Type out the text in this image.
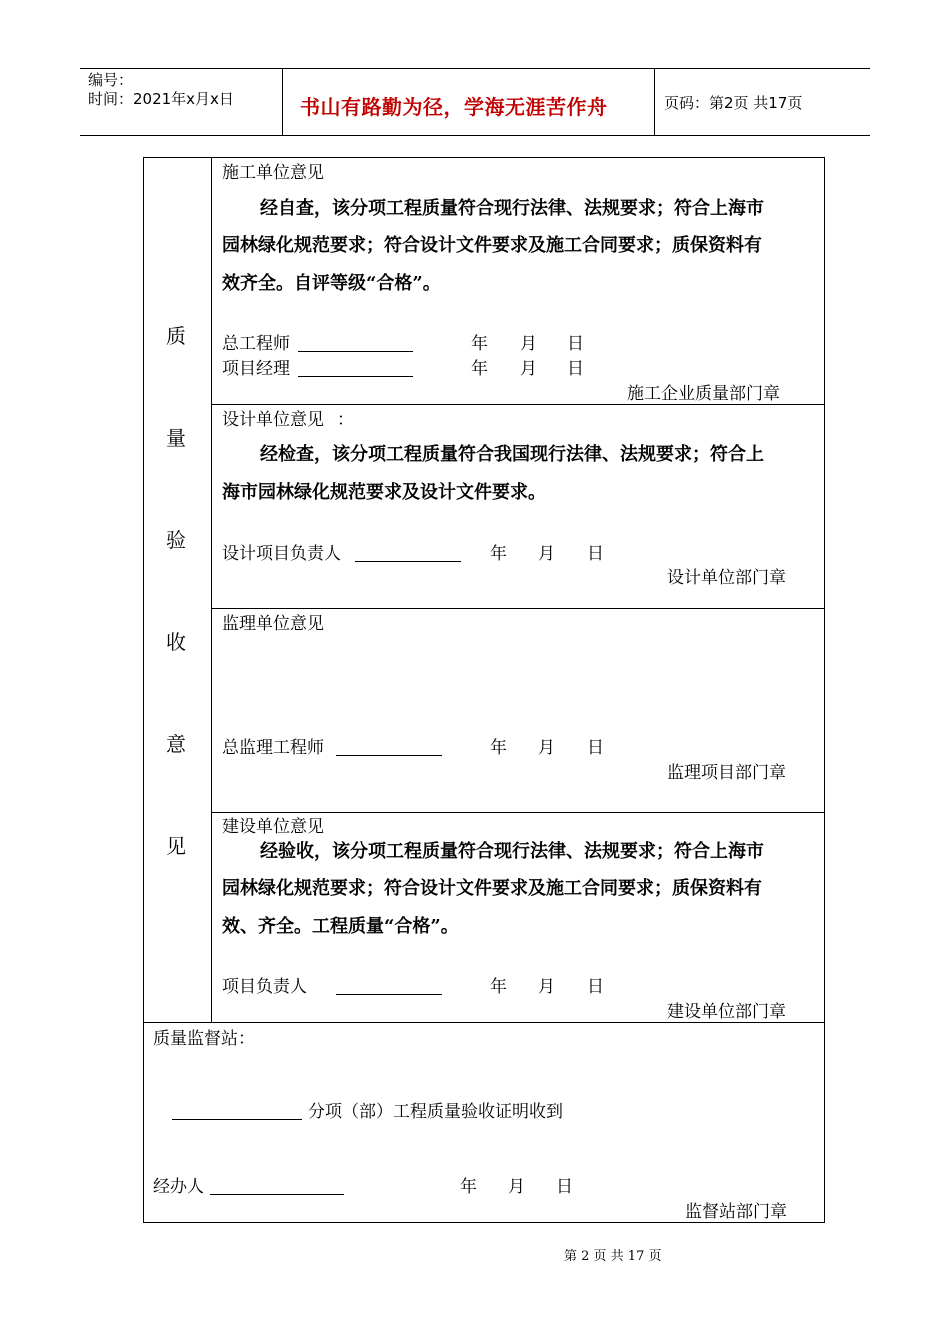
编号：
时间：2021年x月x日	书山有路勤为径，学海无涯苦作舟	页码：第2页 共17页
质
量
验
收
意
见
施工单位意见
经自查，该分项工程质量符合现行法律、法规要求；符合上海市
园林绿化规范要求；符合设计文件要求及施工合同要求；质保资料有
效齐全。自评等级“合格”。
总工程师	年 月 日
项目经理	年 月 日
施工企业质量部门章
设计单位意见 ：
经检查，该分项工程质量符合我国现行法律、法规要求；符合上
海市园林绿化规范要求及设计文件要求。
设计项目负责人	年 月 日
设计单位部门章
监理单位意见
总监理工程师	年 月 日
监理项目部门章
建设单位意见
经验收，该分项工程质量符合现行法律、法规要求；符合上海市
园林绿化规范要求；符合设计文件要求及施工合同要求；质保资料有
效、齐全。工程质量“合格”。
项目负责人	年 月 日
建设单位部门章
质量监督站：
分项（部）工程质量验收证明收到
经办人	年 月 日
监督站部门章
第 2 页 共 17 页
